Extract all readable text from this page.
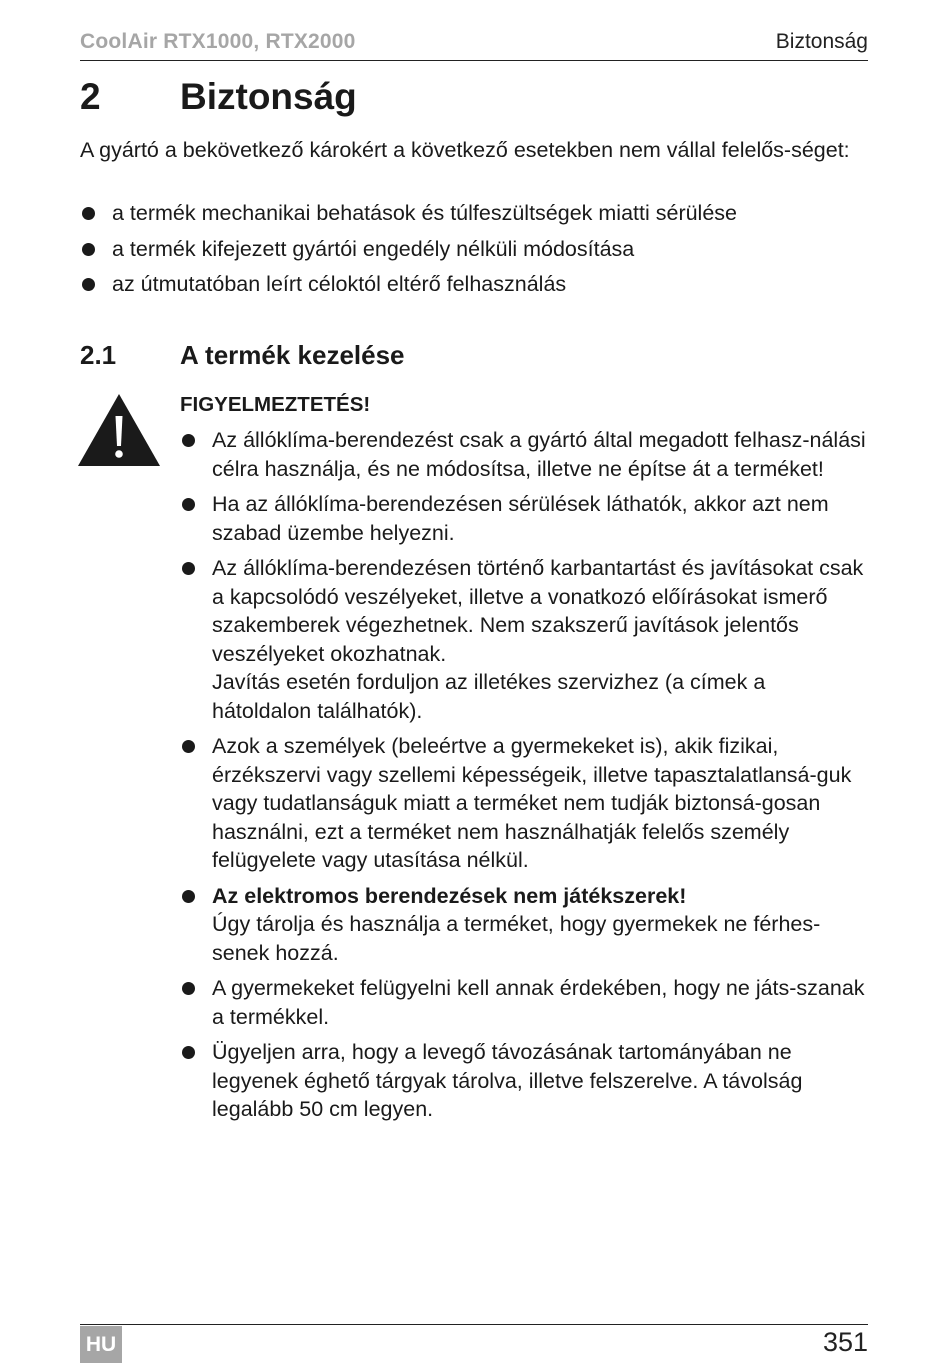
CoolAir RTX1000, RTX2000	Biztonság
2 Biztonság
A gyártó a bekövetkező károkért a következő esetekben nem vállal felelős-séget:
a termék mechanikai behatások és túlfeszültségek miatti sérülése
a termék kifejezett gyártói engedély nélküli módosítása
az útmutatóban leírt céloktól eltérő felhasználás
2.1 A termék kezelése
FIGYELMEZTETÉS!

Az állóklíma-berendezést csak a gyártó által megadott felhasz-nálási célra használja, és ne módosítsa, illetve ne építse át a terméket!

Ha az állóklíma-berendezésen sérülések láthatók, akkor azt nem szabad üzembe helyezni.

Az állóklíma-berendezésen történő karbantartást és javításokat csak a kapcsolódó veszélyeket, illetve a vonatkozó előírásokat ismerő szakemberek végezhetnek. Nem szakszerű javítások jelentős veszélyeket okozhatnak.

Javítás esetén forduljon az illetékes szervizhez (a címek a hátoldalon találhatók).

Azok a személyek (beleértve a gyermekeket is), akik fizikai, érzékszervi vagy szellemi képességeik, illetve tapasztalatlansá-guk vagy tudatlanságuk miatt a terméket nem tudják biztonsá-gosan használni, ezt a terméket nem használhatják felelős személy felügyelete vagy utasítása nélkül.

Az elektromos berendezések nem játékszerek!

Úgy tárolja és használja a terméket, hogy gyermekek ne férhes-senek hozzá.

A gyermekeket felügyelni kell annak érdekében, hogy ne játs-szanak a termékkel.

Ügyeljen arra, hogy a levegő távozásának tartományában ne legyenek éghető tárgyak tárolva, illetve felszerelve. A távolság legalább 50 cm legyen.

HU	351
